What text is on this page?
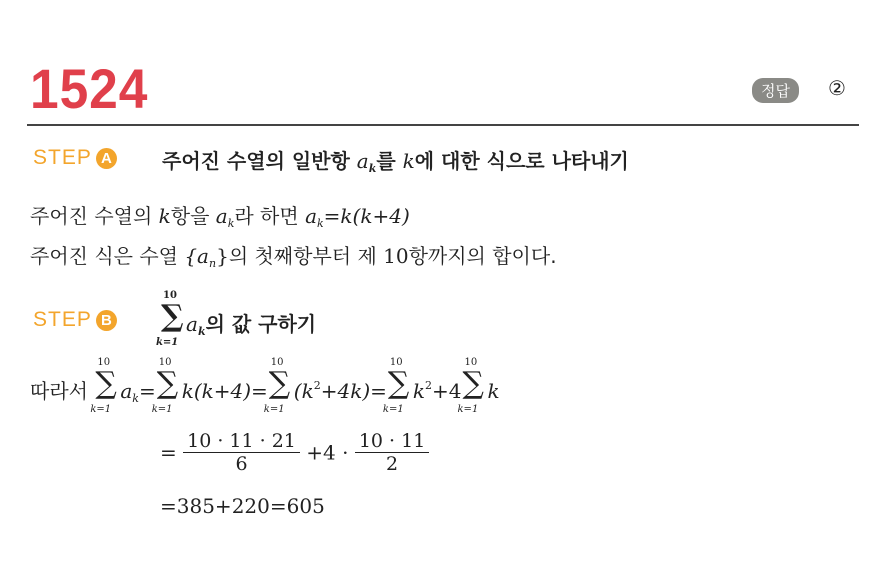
1524	정답	②
STEP A	주어진 수열의 일반항 $a_k$를 k에 대한 식으로 나타내기
주어진 수열의 k항을 $a_k$라 하면 $a_k=k(k+4)$
주어진 식은 수열 $\{a_n\}$의 첫째항부터 제 10항까지의 합이다.
STEP B ∑
10
k=1
$a_k$의 값 구하기
따라서 ∑
10
k=1
$a_k=$ ∑
10
k=1
k(k+4)= ∑
10
k=1
$(k^2+4k)=$ ∑
10
k=1
$k^2+4$ ∑
10
k=1
k
= $\frac{10 \cdot 11 \cdot 21}{6} +4 \cdot \frac{10 \cdot 11}{2}$
=385+220=605
